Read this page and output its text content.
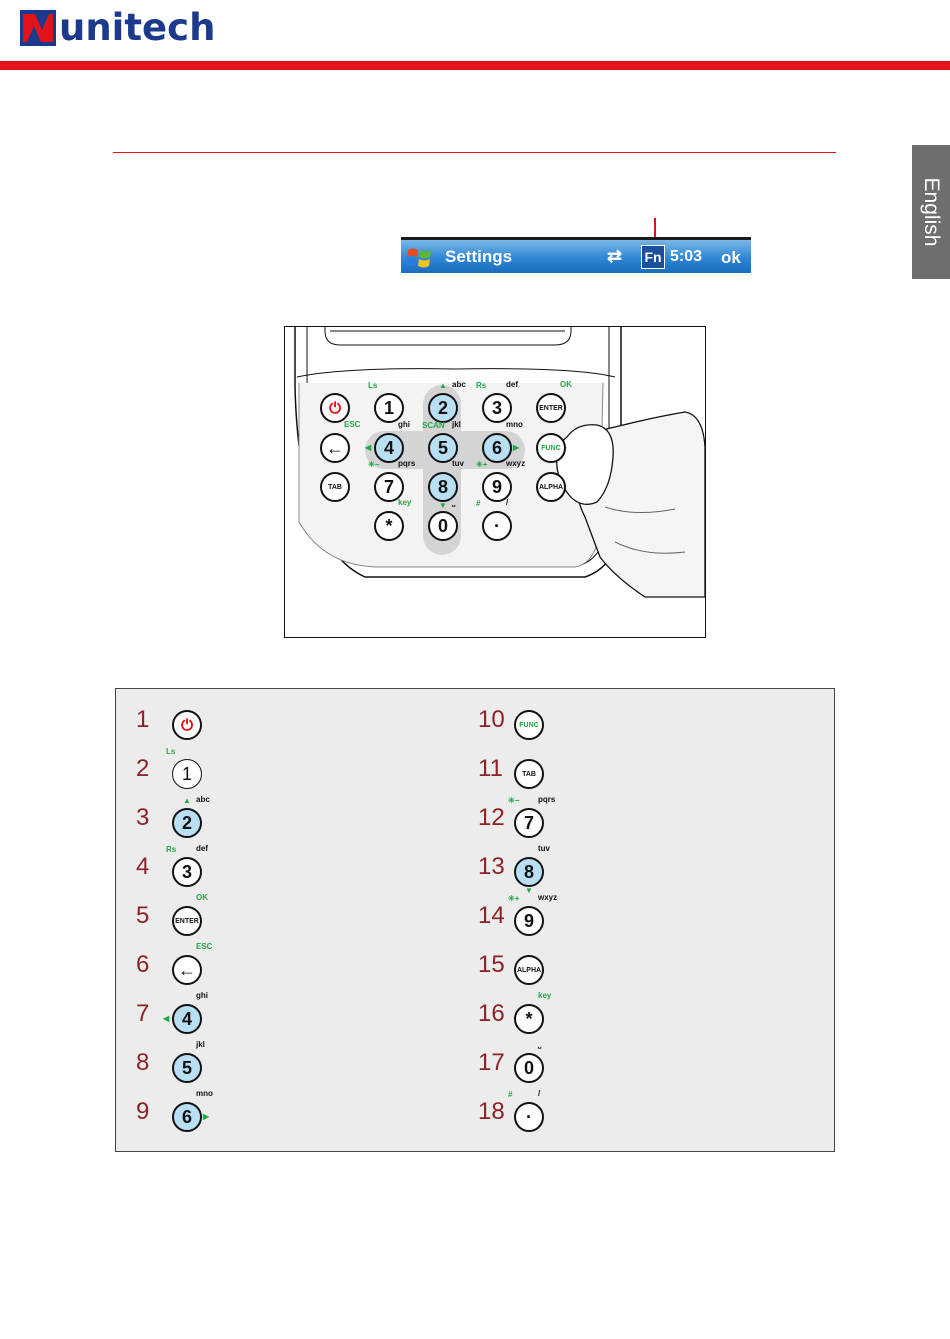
unitech
English
Settings	⇄ Fn 5:03 ok
⏻	1
Ls
2
abc
▲
3
Rs def
ENTER
OK
←
ESC
4
ghi
◀	5
SCAN jkl
6
mno
▶	FUNC
TAB	7
✳− pqrs
8
tuv
▼
9
✳+ wxyz
ALPHA
*
key
0
⎵
·
#	/
1	⏻
2	1
Ls
3	2
abc
▲
4	3
Rs def
5	ENTER
OK
6	←
ESC
7	4
ghi
◀
8	5
jkl
9	6
mno
▶
10	FUNC
11	TAB
12	7
✳− pqrs
13	8
tuv
▼
14	9
✳+ wxyz
15	ALPHA
16	*
key
17	0
⎵
18	·
#	/
